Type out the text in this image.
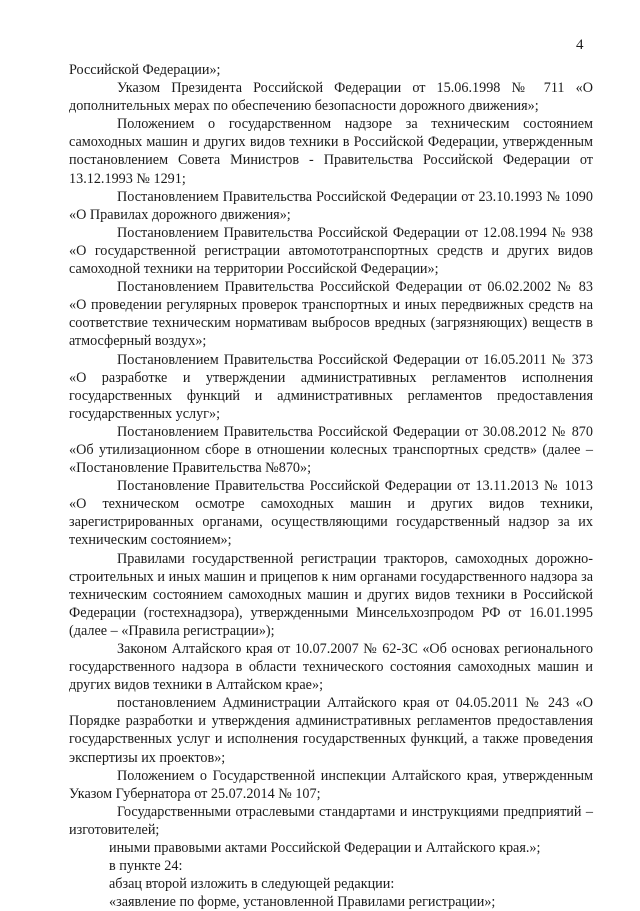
4

Российской Федерации»;

Указом Президента Российской Федерации от 15.06.1998 № 711 «О дополнительных мерах по обеспечению безопасности дорожного движения»;

Положением о государственном надзоре за техническим состоянием самоходных машин и других видов техники в Российской Федерации, утвержденным постановлением Совета Министров - Правительства Российской Федерации от 13.12.1993 № 1291;

Постановлением Правительства Российской Федерации от 23.10.1993 № 1090 «О Правилах дорожного движения»;

Постановлением Правительства Российской Федерации от 12.08.1994 № 938 «О государственной регистрации автомототранспортных средств и других видов самоходной техники на территории Российской Федерации»;

Постановлением Правительства Российской Федерации от 06.02.2002 № 83 «О проведении регулярных проверок транспортных и иных передвижных средств на соответствие техническим нормативам выбросов вредных (загрязняющих) веществ в атмосферный воздух»;

Постановлением Правительства Российской Федерации от 16.05.2011 № 373 «О разработке и утверждении административных регламентов исполнения государственных функций и административных регламентов предоставления государственных услуг»;

Постановлением Правительства Российской Федерации от 30.08.2012 № 870 «Об утилизационном сборе в отношении колесных транспортных средств» (далее – «Постановление Правительства №870»;

Постановление Правительства Российской Федерации от 13.11.2013 № 1013 «О техническом осмотре самоходных машин и других видов техники, зарегистрированных органами, осуществляющими государственный надзор за их техническим состоянием»;

Правилами государственной регистрации тракторов, самоходных дорожно-строительных и иных машин и прицепов к ним органами государственного надзора за техническим состоянием самоходных машин и других видов техники в Российской Федерации (гостехнадзора), утвержденными Минсельхозпродом РФ от 16.01.1995 (далее – «Правила регистрации»);

Законом Алтайского края от 10.07.2007 № 62-ЗС «Об основах регионального государственного надзора в области технического состояния самоходных машин и других видов техники в Алтайском крае»;

постановлением Администрации Алтайского края от 04.05.2011 № 243 «О Порядке разработки и утверждения административных регламентов предоставления государственных услуг и исполнения государственных функций, а также проведения экспертизы их проектов»;

Положением о Государственной инспекции Алтайского края, утвержденным Указом Губернатора от 25.07.2014 № 107;

Государственными отраслевыми стандартами и инструкциями предприятий – изготовителей;

иными правовыми актами Российской Федерации и Алтайского края.»;

в пункте 24:

абзац второй изложить в следующей редакции:

«заявление по форме, установленной Правилами регистрации»;
